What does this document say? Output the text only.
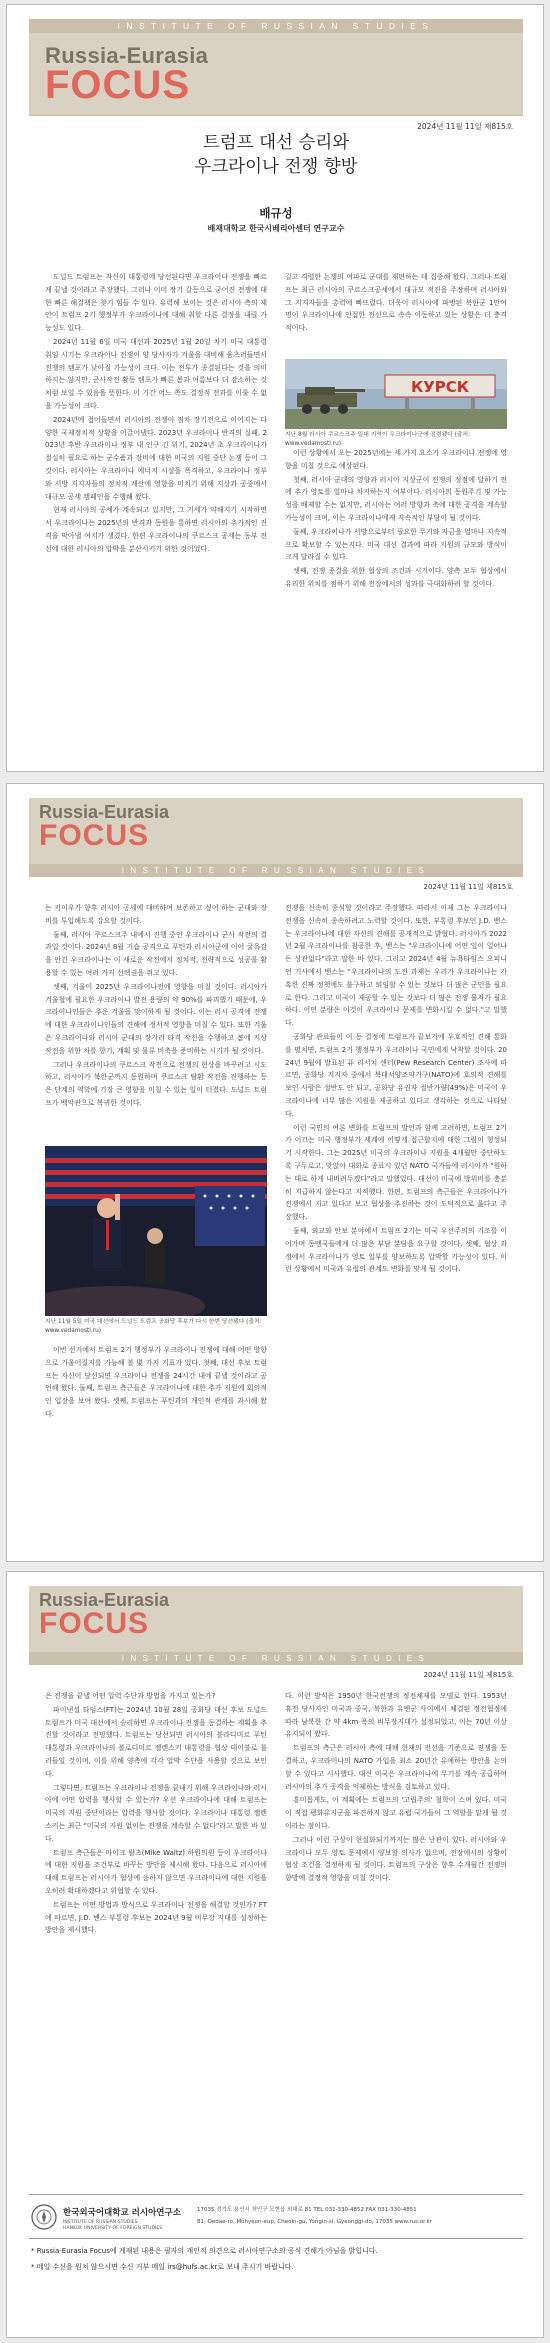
INSTITUTE OF RUSSIAN STUDIES
Russia-Eurasia
FOCUS
2024년 11월 11일 제815호
트럼프 대선 승리와
우크라이나 전쟁 향방
배규성
배재대학교 한국시베리아센터 연구교수

도널드 트럼프는 자신이 대통령에 당선된다면 우크라이나 전쟁을 빠르게 끝낼 것이라고 주장했다. 그러나 이미 장기 갈등으로 굳어진 전쟁에 대한 빠른 해결책은 찾기 힘들 수 있다. 유력해 보이는 것은 러시아 측의 제안이 트럼프 2기 행정부가 우크라이나에 대해 취할 다른 결정을 내릴 가능성도 있다.

2024년 11월 6일 미국 대선과 2025년 1월 20일 차기 미국 대통령 취임 시기는 우크라이나 전쟁이 양 당사자가 겨울을 대비해 움츠러들면서 전쟁의 템포가 낮아질 가능성이 크다. 이는 전투가 종결된다는 것을 의미하지는 않지만, 군사작전 활동 템포가 빠른 봄과 여름보다 더 감소하는 것처럼 보일 수 있음을 뜻한다. 이 기간 어느 쪽도 결정적 전과를 이룰 수 없을 가능성이 크다.

2024년에 접어들면서 러시아의 전쟁이 점차 장기전으로 이어지는 다양한 국제정치적 상황을 이끌어냈다. 2023년 우크라이나 반격의 실패, 2023년 후반 우크라이나 정부 내 인구 긴 위기, 2024년 초 우크라이나가 절실히 필요로 하는 군수품과 장비에 대한 미국의 지원 중단 논쟁 등이 그것이다. 러시아는 우크라이나 에너지 시설을 폭격하고, 우크라이나 정부와 서방 지지자들의 정치적 계산에 영향을 미치기 위해 지상과 공중에서 대규모 공세 캠페인을 수행해 왔다.

현재 러시아의 공세가 계속되고 있지만, 그 기세가 약해지기 시작하면서 우크라이나는 2025년의 반격과 동원을 통하면 러시아의 추가적인 진격을 막아낼 여지가 생겼다. 한편 우크라이나의 쿠르스크 공세는 동부 전선에 대한 러시아의 압박을 분산시키기 위한 것이었다.

길고 격렬한 논쟁의 여파로 군대를 재편하는 데 집중해 왔다. 그러나 트럼프는 최근 러시아의 쿠르스크공세에서 대규모 적진을 주장하며 러시아와 그 지지자들을 총력에 빠뜨렸다. 더욱이 러시아에 파병된 북한군 1만여 명이 우크라이나에 인접한 전선으로 속속 이동하고 있는 상황은 더 충격적이다.

КУРСК
지난 8월 러시아 쿠르스크주 일대 지역이 우크라이나군에 점령됐다 (출처: www.vedamosti.ru)

이런 상황에서 오는 2025년에는 세 가지 요소가 우크라이나 전쟁에 영향을 미칠 것으로 예상된다.

첫째, 러시아 군대의 영향과 러시아 지상군이 전쟁의 정점에 달하기 전에 추가 영토를 얼마나 차지하는지 여부이다. 러시아의 동원주기 및 가능성을 배제할 수는 없지만, 러시아는 여러 방향과 축에 대한 공격을 계속할 가능성이 크며, 이는 우크라이나에게 지속적인 부담이 될 것이다.

둘째, 우크라이나가 서방으로부터 필요한 무기와 자금을 얼마나 지속적으로 확보할 수 있는지다. 미국 대선 결과에 따라 지원의 규모와 방식이 크게 달라질 수 있다.

셋째, 전쟁 종결을 위한 협상의 조건과 시기이다. 양측 모두 협상에서 유리한 위치를 점하기 위해 전장에서의 성과를 극대화하려 할 것이다.

Russia-Eurasia
FOCUS
INSTITUTE OF RUSSIAN STUDIES
2024년 11월 11일 제815호

는 키이우가 향후 러시아 공세에 대비하여 보존하고 싶어 하는 군대와 장비를 투입해도록 강요할 것이다.

둘째, 러시아 쿠르스크주 내에서 진행 중인 우크라이나 군사 작전의 결과일 것이다. 2024년 8월 기습 공격으로 푸틴과 러시아군에 이어 굴욕감을 안긴 우크라이나는 이 새로운 작전에서 정치적, 전략적으로 성공을 활용할 수 있는 여러 가지 선택권을 쥐고 있다.

셋째, 겨울이 2025년 우크라이나전에 영향을 미칠 것이다. 러시아가 겨울철에 필요한 우크라이나 발전 용량의 약 90%를 파괴했기 때문에, 우크라이나인들은 추운 겨울을 맞이하게 될 것이다. 이는 러시 공격에 전쟁에 대한 우크라이나인들의 견해에 정서적 영향을 미칠 수 있다. 또한 겨울은 우크라이나와 러시아 군대의 장거리 타격 작전을 수행하고 봄에 지상 작전을 위한 차를 향기, 계획 및 물류 비축을 준비하는 시기가 될 것이다.

그러나 우크라이나의 쿠르스크 작전으로 전쟁의 현상을 바꾸려고 시도하고, 러시아가 북한군까지 동원하며 쿠르스크 탈환 작전을 진행하는 등은 단계의 역학에 가장 큰 영향을 미칠 수 있는 일이 터졌다. 도널드 트럼프가 백악관으로 복귀한 것이다.

지난 11월 5일 미국 대선에서 도널드 트럼프 공화당 후보가 다시 한번 당선됐다 (출처: www.vedamosti.ru)

이번 선거에서 트럼프 2기 행정부가 우크라이나 전쟁에 대해 어떤 방향으로 기울어질지를 가늠해 볼 몇 가지 지표가 있다. 첫째, 대선 후보 트럼프는 자신이 당선되면 우크라이나 전쟁을 24시간 내에 끝낼 것이라고 공언해 왔다. 둘째, 트럼프 측근들은 우크라이나에 대한 추가 지원에 회의적인 입장을 보여 왔다. 셋째, 트럼프는 푸틴과의 개인적 관계를 과시해 왔다.

전쟁을 신속히 종식할 것이라고 주장했다. 따라서 이제 그는 우크라이나 전쟁을 신속히 종속하려고 노력할 것이다. 또한, 부통령 후보인 J.D. 밴스는 우크라이나에 대한 자신의 견해를 공개적으로 밝혔다. 러시아가 2022년 2월 우크라이나를 침공한 후, 밴스는 "우크라이나에 어떤 일이 일어나든 상관없다"라고 말한 바 있다. 그리고 2024년 4월 뉴욕타임스 오피니언 기사에서 밴스는 "우크라이나의 도전 과제는 우리가 우크라이나는 가혹한 진짜 정책에도 불구하고 퇴임할 수 있는 것보다 더 많은 군인을 필요로 한다. 그리고 미국이 제공할 수 있는 것보다 더 많은 전쟁 물자가 필요하다. 어떤 분량은 이것이 우크라이나 문제를 변화시킬 수 없다."고 말했다.

공화당 관료들이 이 동 결정에 트럼프가 끝보기에 우호적인 견해 통화를 펼치면, 트럼프 2기 행정부가 우크라이나 국민에게 낙착할 것이다. 2024년 9월에 발표된 퓨 리서치 센터(Pew Research Center) 조사에 따르면, 공화당 지지자 중에서 북대서양조약기구(NATO)에 호의적 견해를 보인 사람은 절반도 안 되고, 공화당 유권자 절반가량(49%)은 미국이 우크라이나에 너무 많은 지원을 제공하고 있다고 생각하는 것으로 나타났다.

이런 국민의 여론 변화를 트럼프의 발언과 함께 고려하면, 트럼프 2기가 이끄는 미국 행정부가 세계에 어떻게 접근할지에 대한 그림이 형성되기 시작한다. 그는 2025년 미국의 우크라이나 지원을 4개월만 중단하도록 구두로고, 맞앉아 대화로 종료시 있던 NATO 국가들에 러시아가 "원하는 대로 하게 내버려두겠다"라고 말했었다. 대선이 미국에 방위비를 충분히 지급하지 않는다고 지적했다. 한편, 트럼프의 측근들은 우크라이나가 전쟁에서 지고 있다고 보고 협상을 추진하는 것이 도덕적으로 옳다고 주장했다.

둘째, 외교와 안보 분야에서 트럼프 2기는 미국 우선주의의 기조를 이어가며 동맹국들에게 더 많은 부담 분담을 요구할 것이다. 셋째, 협상 과정에서 우크라이나가 영토 일부를 양보하도록 압박할 가능성이 있다. 이런 상황에서 미국과 유럽의 관계도 변화를 맞게 될 것이다.

Russia-Eurasia
FOCUS
INSTITUTE OF RUSSIAN STUDIES
2024년 11월 11일 제815호

은 전쟁을 끝낼 어떤 압력 수단과 방법을 가지고 있는가?

파이낸셜 타임스(FT)는 2024년 10월 28일 공화당 대선 후보 도널드 트럼프가 미국 대선에서 승리하면 우크라이나 전쟁을 동결하는 계획을 추진할 것이라고 전망했다. 트럼프는 당선되면 러시아의 블라디미르 푸틴 대통령과 우크라이나의 볼로디미르 젤렌스키 대통령을 협상 테이블로 불러들일 것이며, 이를 위해 양측에 각각 압박 수단을 사용할 것으로 보인다.

그렇다면, 트럼프는 우크라이나 전쟁을 끝내기 위해 우크라이나와 러시아에 어떤 압력을 행사할 수 있는가? 우선 우크라이나에 대해 트럼프는 미국의 지원 중단이라는 압력을 행사할 것이다. 우크라이나 대통령 젤렌스키는 최근 "미국의 지원 없이는 전쟁을 계속할 수 없다"라고 말한 바 있다.

트럼프 측근들은 마이크 왈츠(Mike Waltz) 하원의원 등이 우크라이나에 대한 지원을 조건부로 바꾸는 방안을 제시해 왔다. 다음으로 러시아에 대해 트럼프는 러시아가 협상에 응하지 않으면 우크라이나에 대한 지원을 오히려 확대하겠다고 위협할 수 있다.

트럼프는 어떤 방법과 방식으로 우크라이나 전쟁을 해결할 것인가? FT에 따르면, J.D. 밴스 부통령 후보는 2024년 9월 비무장 지대를 설정하는 방안을 제시했다.

다. 이런 방식은 1950년 한국전쟁의 정전체제를 모델로 한다. 1953년 휴전 당사자인 미국과 중국, 북한과 유엔군 사이에서 체결된 정전협정에 따라 남북한 간 약 4km 폭의 비무장지대가 설정되었고, 이는 70년 이상 유지되어 왔다.

트럼프의 측근은 러시아 측에 대해 현재의 전선을 기준으로 전쟁을 동결하고, 우크라이나의 NATO 가입을 최소 20년간 유예하는 방안을 논의할 수 있다고 시사했다. 대신 미국은 우크라이나에 무기를 계속 공급하여 러시아의 추가 공격을 억제하는 방식을 검토하고 있다.

흥미롭게도, 이 계획에는 트럼프의 '고립주의' 철학이 스며 있다. 미국이 직접 평화유지군을 파견하지 않고 유럽 국가들이 그 역할을 맡게 될 것이라는 점이다.

그러나 이런 구상이 현실화되기까지는 많은 난관이 있다. 러시아와 우크라이나 모두 영토 문제에서 양보할 의사가 없으며, 전장에서의 상황이 협상 조건을 결정하게 될 것이다. 트럼프의 구상은 향후 수개월간 전쟁의 향방에 결정적 영향을 미칠 것이다.

한국외국어대학교 러시아연구소
INSTITUTE OF RUSSIAN STUDIES
HANKUK UNIVERSITY OF FOREIGN STUDIES
17035 경기도 용인시 처인구 모현읍 외대로 81 TEL 031-330-4852 FAX 031-330-4851
81, Oedae-ro, Mohyeon-eup, Cheoin-gu, Yongin-si, Gyeonggi-do, 17035 www.rus.or.kr
* Russia-Eurasia Focus에 게재된 내용은 필자의 개인적 의견으로 러시아연구소의 공식 견해가 아님을 밝힙니다.
* 메일 수신을 원치 않으시면 수신 거부 메일 irs@hufs.ac.kr로 보내 주시기 바랍니다.
